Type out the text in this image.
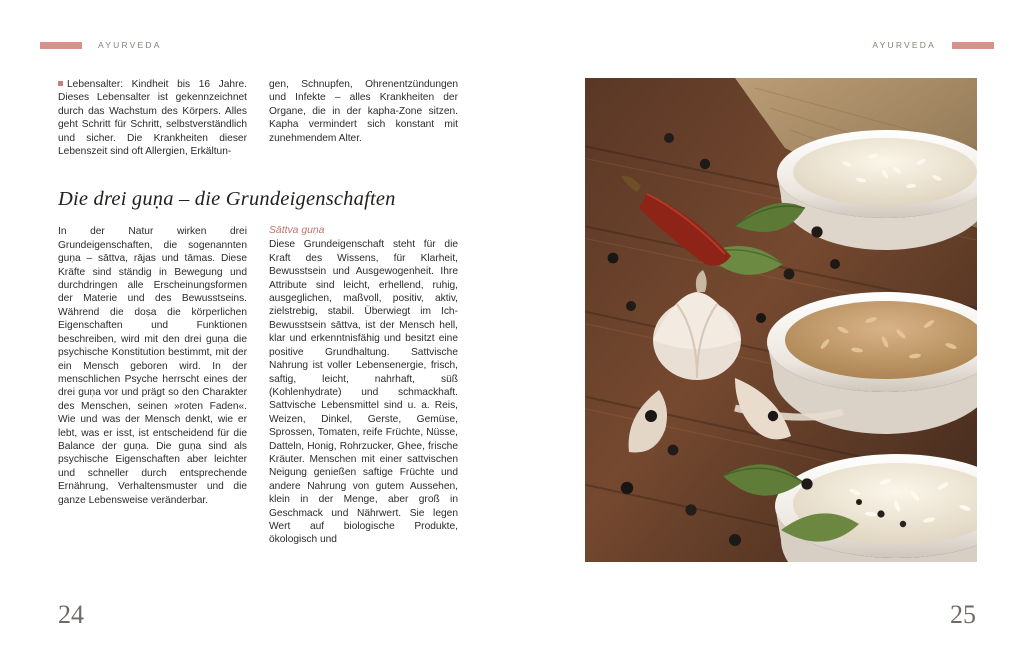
AYURVEDA	AYURVEDA

Lebensalter: Kindheit bis 16 Jahre. Dieses Lebensalter ist gekennzeichnet durch das Wachstum des Körpers. Alles geht Schritt für Schritt, selbstverständlich und sicher. Die Krankheiten dieser Lebenszeit sind oft Allergien, Erkältun-

gen, Schnupfen, Ohrenentzündungen und Infekte – alles Krankheiten der Organe, die in der kapha-Zone sitzen. Kapha vermindert sich konstant mit zunehmendem Alter.

Die drei guṇa – die Grundeigenschaften

In der Natur wirken drei Grundeigenschaften, die sogenannten guṇa – sāttva, rājas und tāmas. Diese Kräfte sind ständig in Bewegung und durchdringen alle Erscheinungsformen der Materie und des Bewusstseins. Während die doṣa die körperlichen Eigenschaften und Funktionen beschreiben, wird mit den drei guṇa die psychische Konstitution bestimmt, mit der ein Mensch geboren wird. In der menschlichen Psyche herrscht eines der drei guṇa vor und prägt so den Charakter des Menschen, seinen »roten Faden«. Wie und was der Mensch denkt, wie er lebt, was er isst, ist entscheidend für die Balance der guṇa. Die guṇa sind als psychische Eigenschaften aber leichter und schneller durch entsprechende Ernährung, Verhaltensmuster und die ganze Lebensweise veränderbar.

Sāttva guṇa

Diese Grundeigenschaft steht für die Kraft des Wissens, für Klarheit, Bewusstsein und Ausgewogenheit. Ihre Attribute sind leicht, erhellend, ruhig, ausgeglichen, maßvoll, positiv, aktiv, zielstrebig, stabil. Überwiegt im Ich-Bewusstsein sāttva, ist der Mensch hell, klar und erkenntnisfähig und besitzt eine positive Grundhaltung. Sattvische Nahrung ist voller Lebensenergie, frisch, saftig, leicht, nahrhaft, süß (Kohlenhydrate) und schmackhaft. Sattvische Lebensmittel sind u. a. Reis, Weizen, Dinkel, Gerste, Gemüse, Sprossen, Tomaten, reife Früchte, Nüsse, Datteln, Honig, Rohrzucker, Ghee, frische Kräuter. Menschen mit einer sattvischen Neigung genießen saftige Früchte und andere Nahrung von gutem Aussehen, klein in der Menge, aber groß in Geschmack und Nährwert. Sie legen Wert auf biologische Produkte, ökologisch und

24	25
